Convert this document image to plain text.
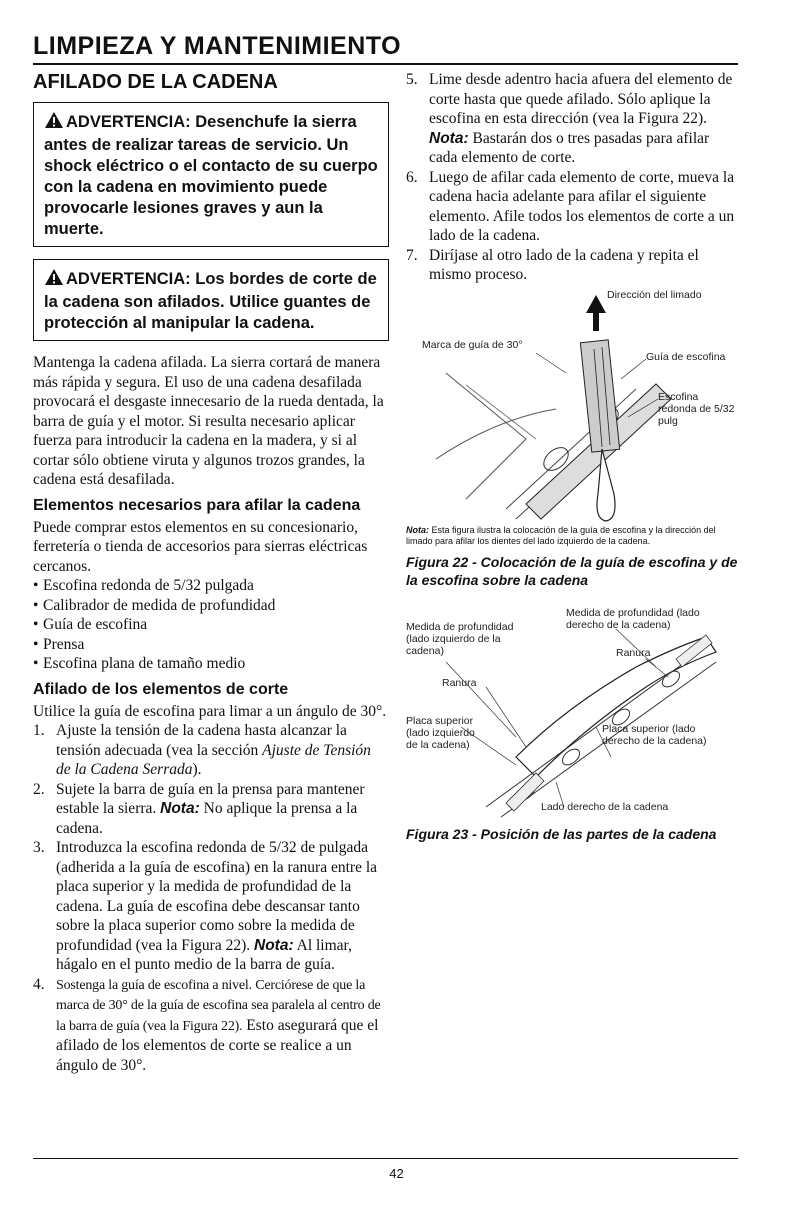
LIMPIEZA Y MANTENIMIENTO
AFILADO DE LA CADENA

ADVERTENCIA: Desenchufe la sierra antes de realizar tareas de servicio. Un shock eléctrico o el contacto de su cuerpo con la cadena en movimiento puede provocarle lesiones graves y aun la muerte.

ADVERTENCIA: Los bordes de corte de la cadena son afilados. Utilice guantes de protección al manipular la cadena.

Mantenga la cadena afilada. La sierra cortará de manera más rápida y segura. El uso de una cadena desafilada provocará el desgaste innecesario de la rueda dentada, la barra de guía y el motor. Si resulta necesario aplicar fuerza para introducir la cadena en la madera, y si al cortar sólo obtiene viruta y algunos trozos grandes, la cadena está desafilada.

Elementos necesarios para afilar la cadena

Puede comprar estos elementos en su concesionario, ferretería o tienda de accesorios para sierras eléctricas cercanos.

• Escofina redonda de 5/32 pulgada
• Calibrador de medida de profundidad
• Guía de escofina
• Prensa
• Escofina plana de tamaño medio
Afilado de los elementos de corte

Utilice la guía de escofina para limar a un ángulo de 30°.

1. Ajuste la tensión de la cadena hasta alcanzar la tensión adecuada (vea la sección Ajuste de Tensión de la Cadena Serrada).
2. Sujete la barra de guía en la prensa para mantener estable la sierra. Nota: No aplique la prensa a la cadena.
3. Introduzca la escofina redonda de 5/32 de pulgada (adherida a la guía de escofina) en la ranura entre la placa superior y la medida de profundidad de la cadena. La guía de escofina debe descansar tanto sobre la placa superior como sobre la medida de profundidad (vea la Figura 22). Nota: Al limar, hágalo en el punto medio de la barra de guía.
4. Sostenga la guía de escofina a nivel. Cerciórese de que la marca de 30° de la guía de escofina sea paralela al centro de la barra de guía (vea la Figura 22). Esto asegurará que el afilado de los elementos de corte se realice a un ángulo de 30°.
5. Lime desde adentro hacia afuera del elemento de corte hasta que quede afilado. Sólo aplique la escofina en esta dirección (vea la Figura 22). Nota: Bastarán dos o tres pasadas para afilar cada elemento de corte.
6. Luego de afilar cada elemento de corte, mueva la cadena hacia adelante para afilar el siguiente elemento. Afile todos los elementos de corte a un lado de la cadena.
7. Diríjase al otro lado de la cadena y repita el mismo proceso.
Dirección del limado
Marca de guía de 30°
Guía de escofina
Escofina redonda de 5/32 pulg

Nota: Esta figura ilustra la colocación de la guía de escofina y la dirección del limado para afilar los dientes del lado izquierdo de la cadena.

Figura 22 - Colocación de la guía de escofina y de la escofina sobre la cadena

Medida de profundidad (lado derecho de la cadena)
Medida de profundidad (lado izquierdo de la cadena)	Ranura
Ranura
Placa superior (lado izquierdo de la cadena)
Placa superior (lado derecho de la cadena)
Lado derecho de la cadena

Figura 23 - Posición de las partes de la cadena

42
